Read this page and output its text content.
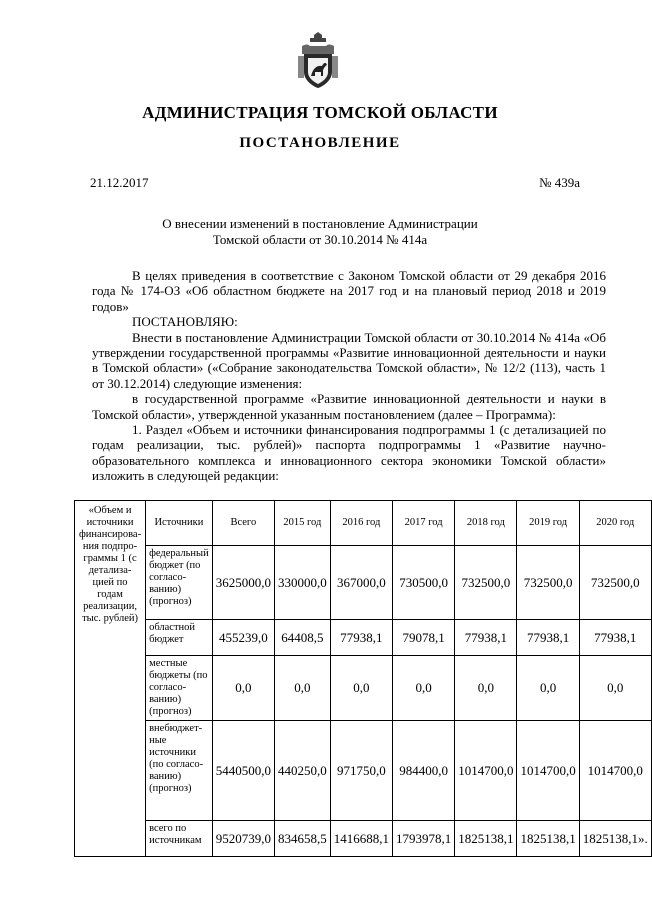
АДМИНИСТРАЦИЯ ТОМСКОЙ ОБЛАСТИ
ПОСТАНОВЛЕНИЕ
21.12.2017	№ 439а
О внесении изменений в постановление Администрации
Томской области от 30.10.2014 № 414а

В целях приведения в соответствие с Законом Томской области от 29 декабря 2016 года № 174-ОЗ «Об областном бюджете на 2017 год и на плановый период 2018 и 2019 годов»

ПОСТАНОВЛЯЮ:

Внести в постановление Администрации Томской области от 30.10.2014 № 414а «Об утверждении государственной программы «Развитие инновационной деятельности и науки в Томской области» («Собрание законодательства Томской области», № 12/2 (113), часть 1 от 30.12.2014) следующие изменения:

в государственной программе «Развитие инновационной деятельности и науки в Томской области», утвержденной указанным постановлением (далее – Программа):

1. Раздел «Объем и источники финансирования подпрограммы 1 (с детализацией по годам реализации, тыс. рублей)» паспорта подпрограммы 1 «Развитие научно-образовательного комплекса и инновационного сектора экономики Томской области» изложить в следующей редакции:

«Объем и источники финансирова-ния подпро-граммы 1 (с детализа-цией по годам реализации, тыс. рублей)	Источники	Всего	2015 год	2016 год	2017 год	2018 год	2019 год	2020 год
	федеральный бюджет (по согласо-ванию) (прогноз)	3625000,0	330000,0	367000,0	730500,0	732500,0	732500,0	732500,0
	областной бюджет	455239,0	64408,5	77938,1	79078,1	77938,1	77938,1	77938,1
	местные бюджеты (по согласо-ванию) (прогноз)	0,0	0,0	0,0	0,0	0,0	0,0	0,0
	внебюджет-ные источники (по согласо-ванию) (прогноз)	5440500,0	440250,0	971750,0	984400,0	1014700,0	1014700,0	1014700,0
	всего по источникам	9520739,0	834658,5	1416688,1	1793978,1	1825138,1	1825138,1	1825138,1».
